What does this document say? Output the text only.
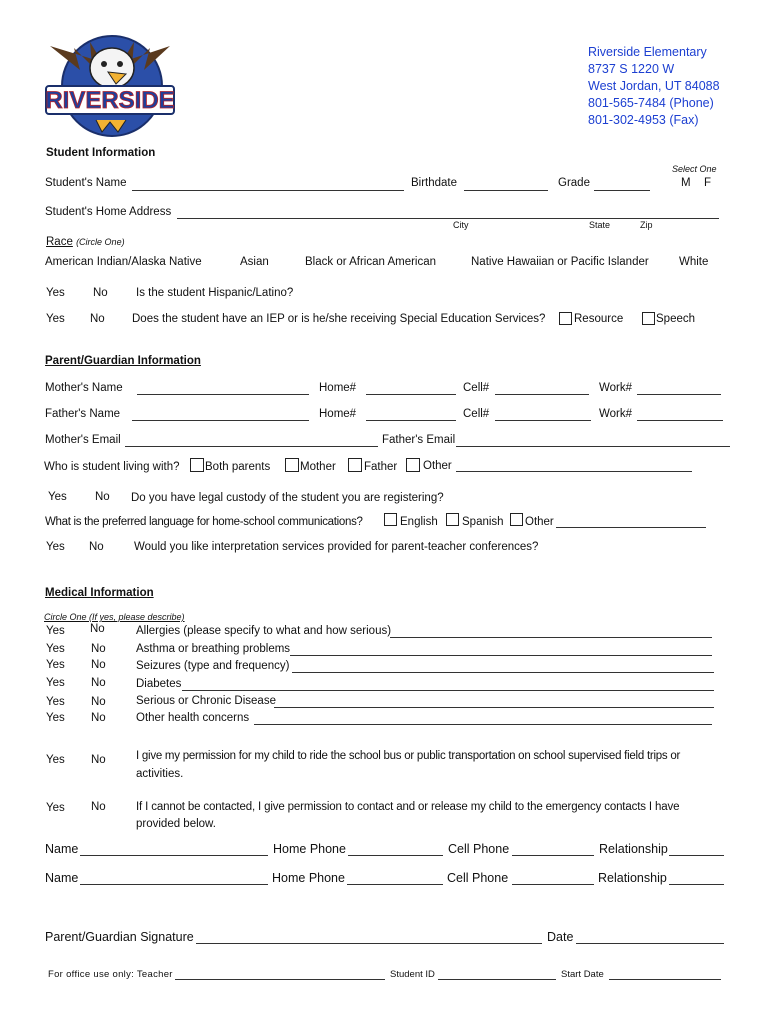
RIVERSIDE
Riverside Elementary
8737 S 1220 W
West Jordan, UT 84088
801-565-7484 (Phone)
801-302-4953 (Fax)
Student Information
Select One
Student's Name	Birthdate	Grade	M F
Student's Home Address
City	State	Zip
Race (Circle One)
American Indian/Alaska Native	Asian	Black or African American	Native Hawaiian or Pacific Islander	White
Yes No Is the student Hispanic/Latino?
Yes No Does the student have an IEP or is he/she receiving Special Education Services? Resource	Speech
Parent/Guardian Information
Mother's Name	Home#	Cell#	Work#
Father's Name	Home#	Cell#	Work#
Mother's Email	Father's Email
Who is student living with? Both parents	Mother Father Other
Yes No Do you have legal custody of the student you are registering?
What is the preferred language for home-school communications?	English Spanish Other
Yes No	Would you like interpretation services provided for parent-teacher conferences?
Medical Information
Circle One (If yes, please describe)
Yes No	Allergies (please specify to what and how serious)
Yes No	Asthma or breathing problems
Yes No	Seizures (type and frequency)
Yes No	Diabetes
Yes No	Serious or Chronic Disease
Yes No	Other health concerns
Yes No	I give my permission for my child to ride the school bus or public transportation on school supervised field trips or
activities.
Yes No	If I cannot be contacted, I give permission to contact and or release my child to the emergency contacts I have
provided below.
Name	Home Phone	Cell Phone	Relationship
Name	Home Phone	Cell Phone	Relationship
Parent/Guardian Signature	Date
For office use only: Teacher	Student ID	Start Date
